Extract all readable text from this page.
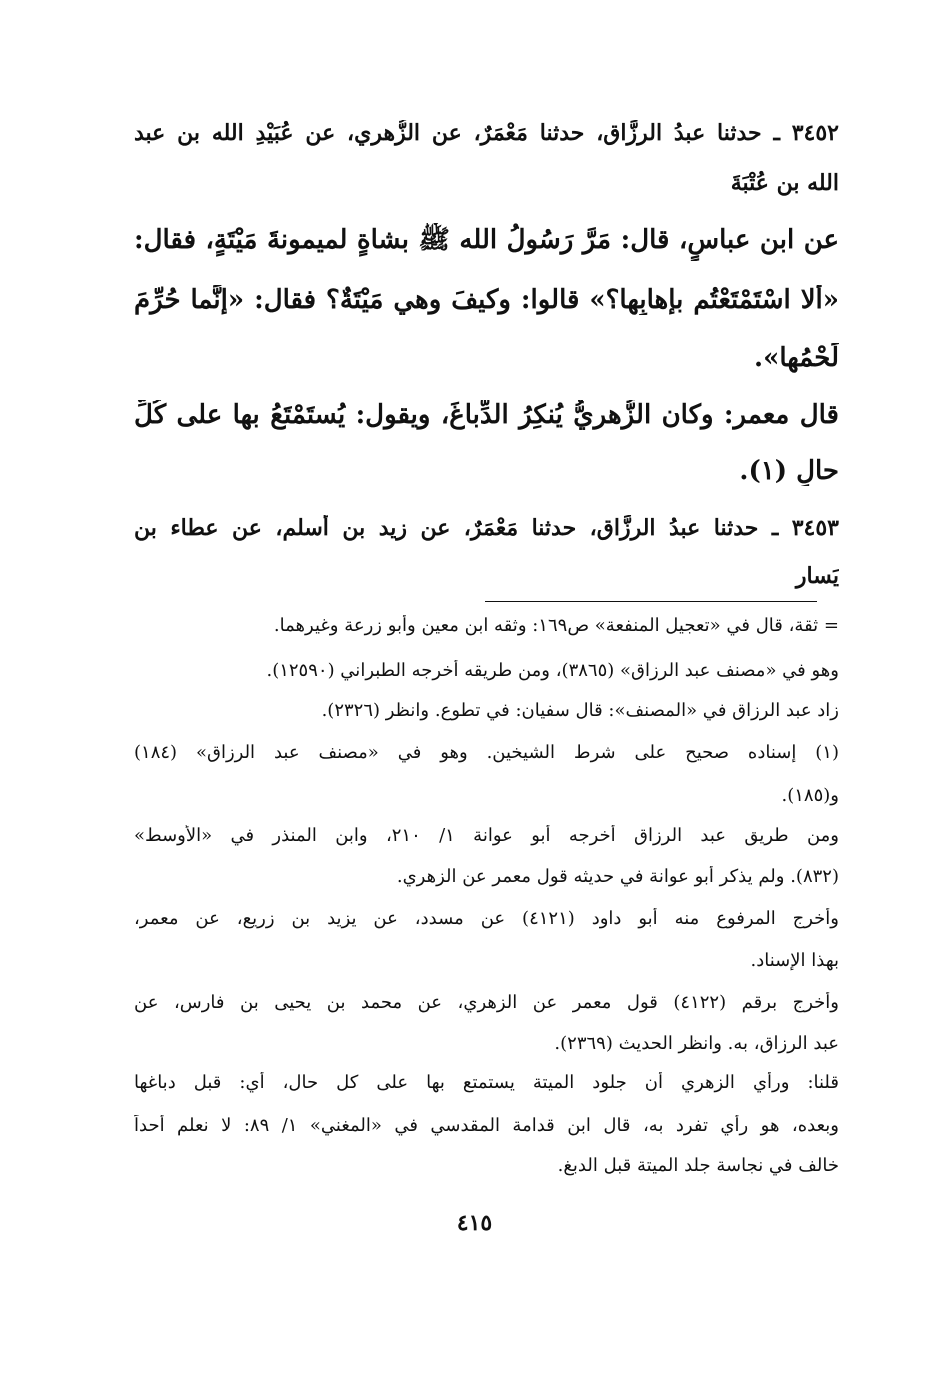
٣٤٥٢ ـ حدثنا عبدُ الرزَّاق، حدثنا مَعْمَرٌ، عن الزُّهري، عن عُبَيْدِ الله بن عبد
الله بن عُتْبَةَ
عن ابن عباسٍ، قال: مَرَّ رَسُولُ الله ﷺ بشاةٍ لميمونةَ مَيْتَةٍ، فقال:
«ألا اسْتَمْتَعْتُم بإهابِها؟» قالوا: وكيفَ وهي مَيْتَةٌ؟ فقال: «إنَّما حُرِّمَ
لَحْمُها».
قال معمر: وكان الزُّهريُّ يُنكِرُ الدِّباغَ، ويقول: يُستَمْتَعُ بها على كُلِّ
حالٍ (١).
٣٤٥٣ ـ حدثنا عبدُ الرزَّاق، حدثنا مَعْمَرٌ، عن زيد بن أَسلم، عن عطاء بن
يَسار
= ثقة، قال في «تعجيل المنفعة» ص١٦٩: وثقه ابن معين وأبو زرعة وغيرهما.
وهو في «مصنف عبد الرزاق» (٣٨٦٥)، ومن طريقه أخرجه الطبراني (١٢٥٩٠).
زاد عبد الرزاق في «المصنف»: قال سفيان: في تطوع. وانظر (٢٣٢٦).
(١) إسناده صحيح على شرط الشيخين. وهو في «مصنف عبد الرزاق» (١٨٤)
و(١٨٥).
ومن طريق عبد الرزاق أخرجه أبو عوانة ١/ ٢١٠، وابن المنذر في «الأوسط»
(٨٣٢). ولم يذكر أبو عوانة في حديثه قول معمر عن الزهري.
وأخرج المرفوع منه أبو داود (٤١٢١) عن مسدد، عن يزيد بن زريع، عن معمر،
بهذا الإسناد.
وأخرج برقم (٤١٢٢) قول معمر عن الزهري، عن محمد بن يحيى بن فارس، عن
عبد الرزاق، به. وانظر الحديث (٢٣٦٩).
قلنا: ورأي الزهري أن جلود الميتة يستمتع بها على كل حال، أي: قبل دباغها
وبعده، هو رأي تفرد به، قال ابن قدامة المقدسي في «المغني» ١/ ٨٩: لا نعلم أحداً
خالف في نجاسة جلد الميتة قبل الدبغ.
٤١٥
